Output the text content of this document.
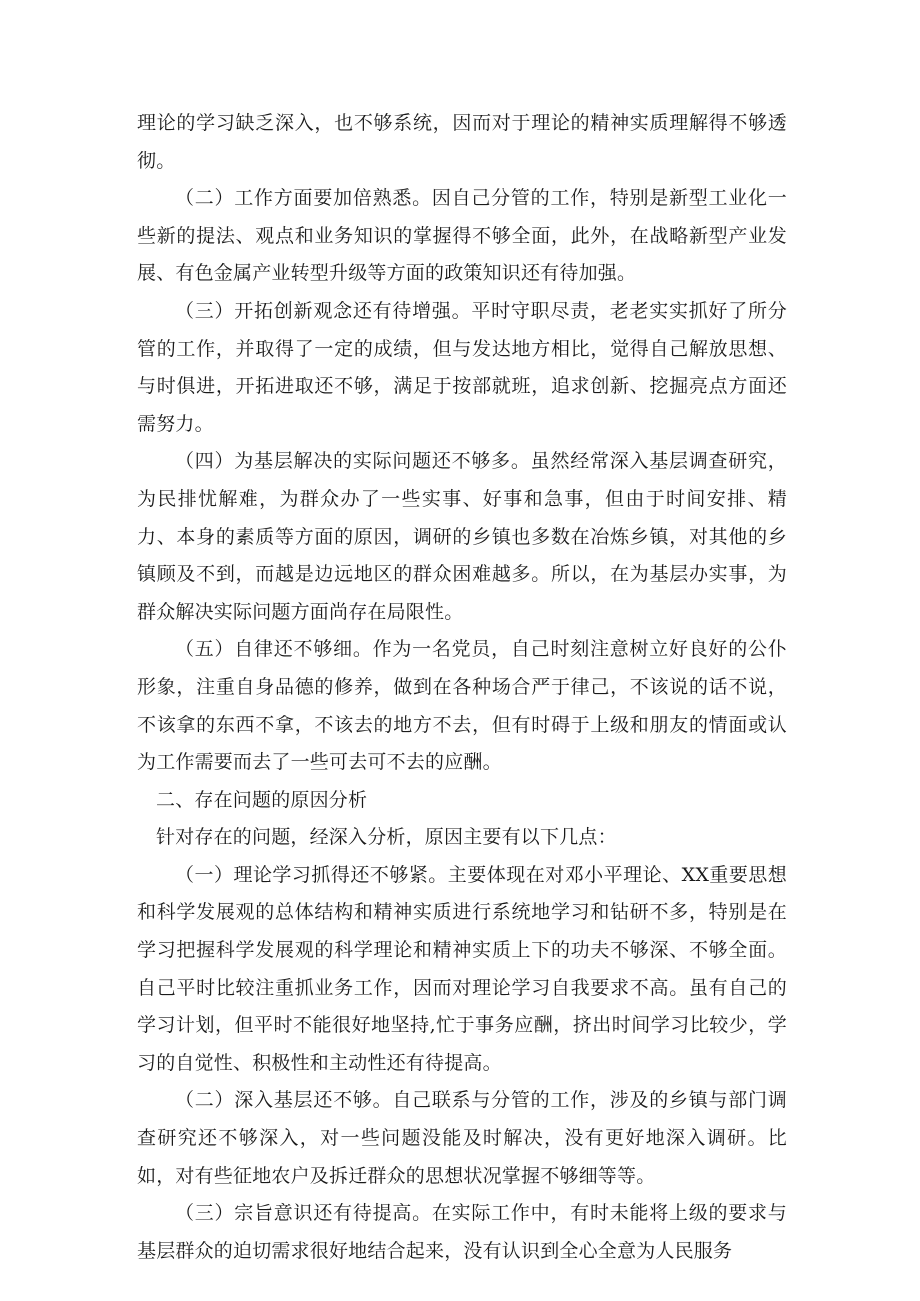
理论的学习缺乏深入，也不够系统，因而对于理论的精神实质理解得不够透彻。

（二）工作方面要加倍熟悉。因自己分管的工作，特别是新型工业化一些新的提法、观点和业务知识的掌握得不够全面，此外，在战略新型产业发展、有色金属产业转型升级等方面的政策知识还有待加强。

（三）开拓创新观念还有待增强。平时守职尽责，老老实实抓好了所分管的工作，并取得了一定的成绩，但与发达地方相比，觉得自己解放思想、与时俱进，开拓进取还不够，满足于按部就班，追求创新、挖掘亮点方面还需努力。

（四）为基层解决的实际问题还不够多。虽然经常深入基层调查研究，为民排忧解难，为群众办了一些实事、好事和急事，但由于时间安排、精力、本身的素质等方面的原因，调研的乡镇也多数在冶炼乡镇，对其他的乡镇顾及不到，而越是边远地区的群众困难越多。所以，在为基层办实事，为群众解决实际问题方面尚存在局限性。

（五）自律还不够细。作为一名党员，自己时刻注意树立好良好的公仆形象，注重自身品德的修养，做到在各种场合严于律己，不该说的话不说，不该拿的东西不拿，不该去的地方不去，但有时碍于上级和朋友的情面或认为工作需要而去了一些可去可不去的应酬。

二、存在问题的原因分析

针对存在的问题，经深入分析，原因主要有以下几点：

（一）理论学习抓得还不够紧。主要体现在对邓小平理论、XX重要思想和科学发展观的总体结构和精神实质进行系统地学习和钻研不多，特别是在学习把握科学发展观的科学理论和精神实质上下的功夫不够深、不够全面。自己平时比较注重抓业务工作，因而对理论学习自我要求不高。虽有自己的学习计划，但平时不能很好地坚持,忙于事务应酬，挤出时间学习比较少，学习的自觉性、积极性和主动性还有待提高。

（二）深入基层还不够。自己联系与分管的工作，涉及的乡镇与部门调查研究还不够深入，对一些问题没能及时解决，没有更好地深入调研。比如，对有些征地农户及拆迁群众的思想状况掌握不够细等等。

（三）宗旨意识还有待提高。在实际工作中，有时未能将上级的要求与基层群众的迫切需求很好地结合起来，没有认识到全心全意为人民服务
